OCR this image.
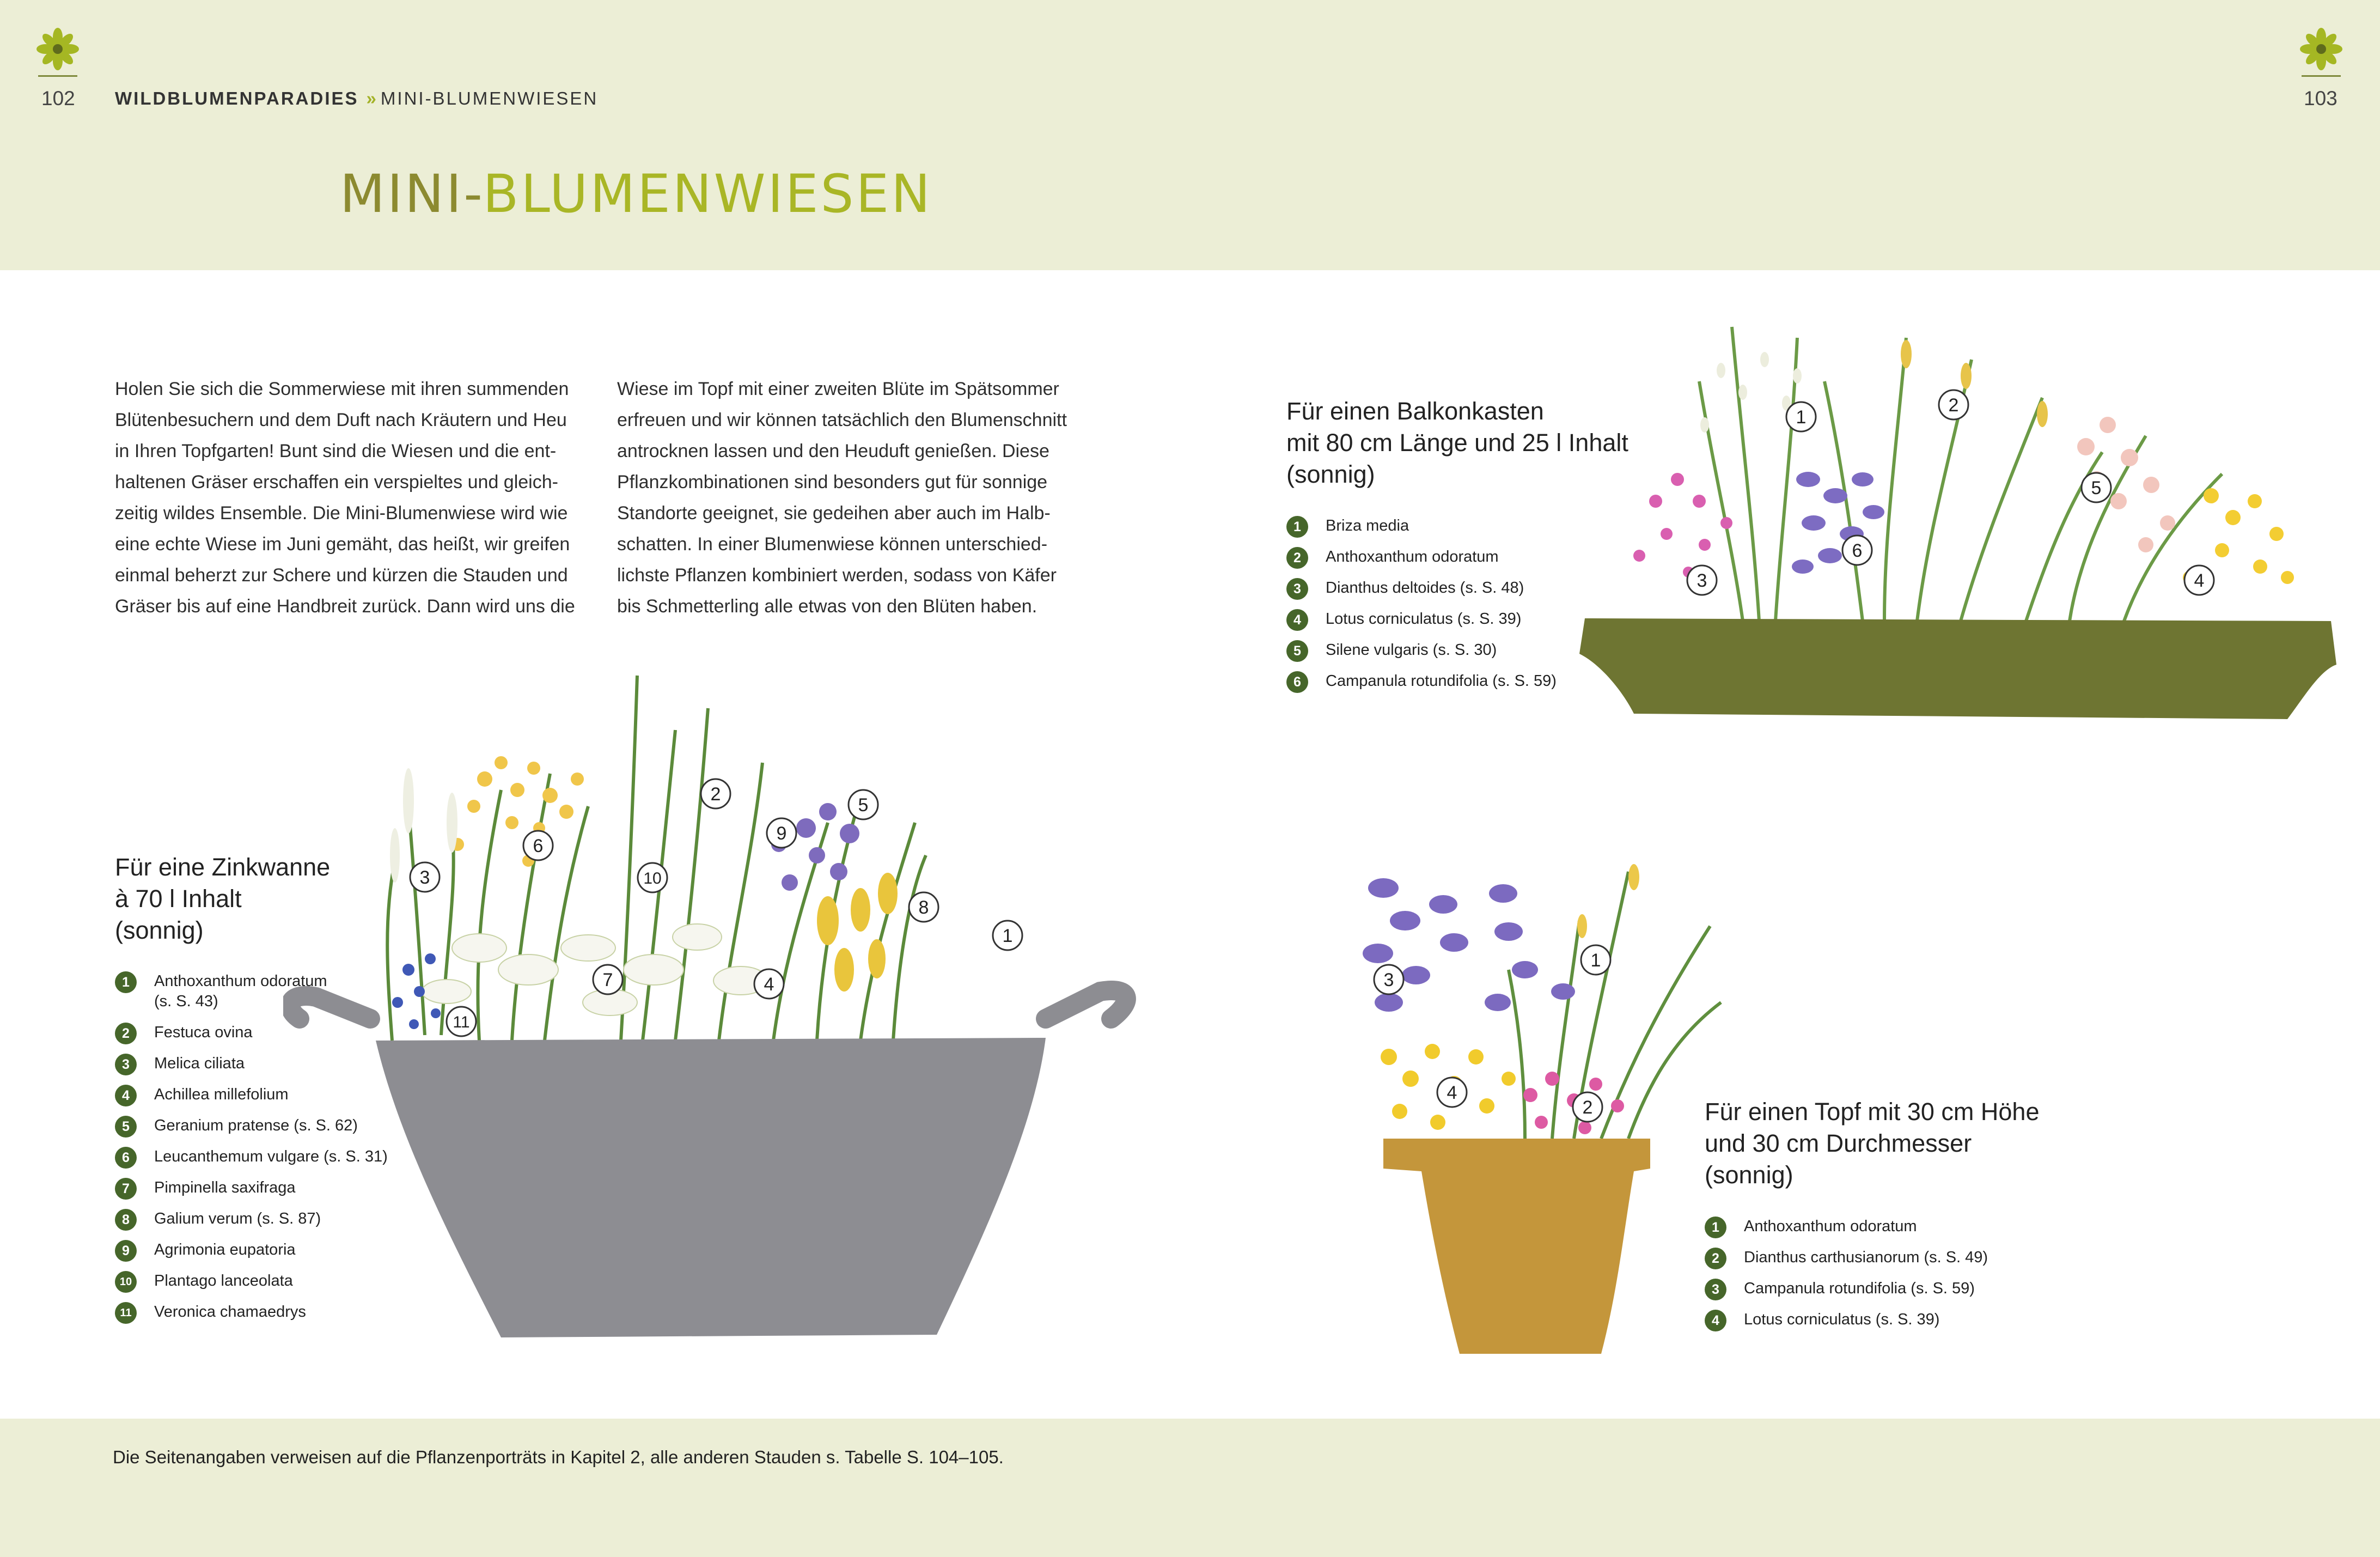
102	103
WILDBLUMENPARADIES » MINI-BLUMENWIESEN
MINI-BLUMENWIESEN
Holen Sie sich die Sommerwiese mit ihren summenden
Blütenbesuchern und dem Duft nach Kräutern und Heu
in Ihren Topfgarten! Bunt sind die Wiesen und die ent-
haltenen Gräser erschaffen ein verspieltes und gleich-
zeitig wildes Ensemble. Die Mini-Blumenwiese wird wie
eine echte Wiese im Juni gemäht, das heißt, wir greifen
einmal beherzt zur Schere und kürzen die Stauden und
Gräser bis auf eine Handbreit zurück. Dann wird uns die
Wiese im Topf mit einer zweiten Blüte im Spätsommer
erfreuen und wir können tatsächlich den Blumenschnitt
antrocknen lassen und den Heuduft genießen. Diese
Pflanzkombinationen sind besonders gut für sonnige
Standorte geeignet, sie gedeihen aber auch im Halb-
schatten. In einer Blumenwiese können unterschied-
lichste Pflanzen kombiniert werden, sodass von Käfer
bis Schmetterling alle etwas von den Blüten haben.
Für eine Zinkwanne
à 70 l Inhalt
(sonnig)
1	Anthoxanthum odoratum
(s. S. 43)
2	Festuca ovina
3	Melica ciliata
4	Achillea millefolium
5	Geranium pratense (s. S. 62)
6	Leucanthemum vulgare (s. S. 31)
7	Pimpinella saxifraga
8	Galium verum (s. S. 87)
9	Agrimonia eupatoria
10	Plantago lanceolata
11	Veronica chamaedrys
3
6
2
9
5
10
8
1
7	4
11
Für einen Balkonkasten
mit 80 cm Länge und 25 l Inhalt
(sonnig)
1	Briza media
2	Anthoxanthum odoratum
3	Dianthus deltoides (s. S. 48)
4	Lotus corniculatus (s. S. 39)
5	Silene vulgaris (s. S. 30)
6	Campanula rotundifolia (s. S. 59)
1
2
5
6
3	4
Für einen Topf mit 30 cm Höhe
und 30 cm Durchmesser
(sonnig)
1	Anthoxanthum odoratum
2	Dianthus carthusianorum (s. S. 49)
3	Campanula rotundifolia (s. S. 59)
4	Lotus corniculatus (s. S. 39)
3
1
4
2
Die Seitenangaben verweisen auf die Pflanzenporträts in Kapitel 2, alle anderen Stauden s. Tabelle S. 104–105.
